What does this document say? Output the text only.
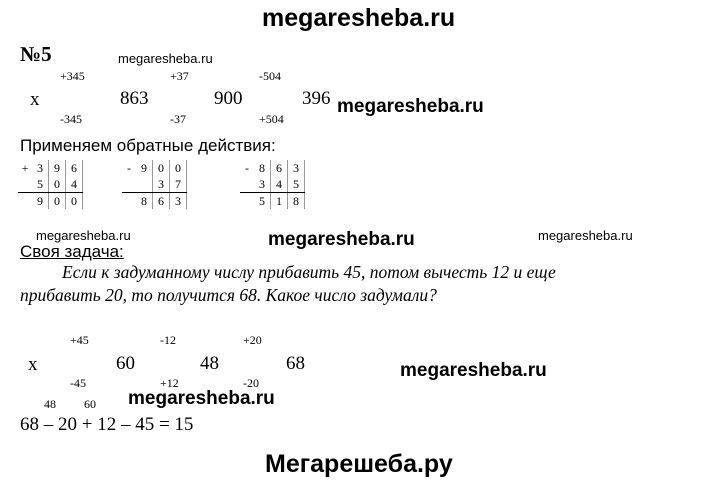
megaresheba.ru
№5	megaresheba.ru
x
+345
-345
863
+37
-37
900
-504
+504
396 megaresheba.ru
Применяем обратные действия:
+	3	9	6
	5	0	4
	9	0	0
-	9	0	0
		3	7
	8	6	3
-	8	6	3
	3	4	5
	5	1	8
megaresheba.ru	megaresheba.ru	megaresheba.ru
Своя задача:
Если к задуманному числу прибавить 45, потом вычесть 12 и еще
прибавить 20, то получится 68. Какое число задумали?
x
+45
-45
60
-12
+12
48
+20
-20
68	megaresheba.ru
48 60 megaresheba.ru
68 – 20 + 12 – 45 = 15
Мегарешеба.ру
